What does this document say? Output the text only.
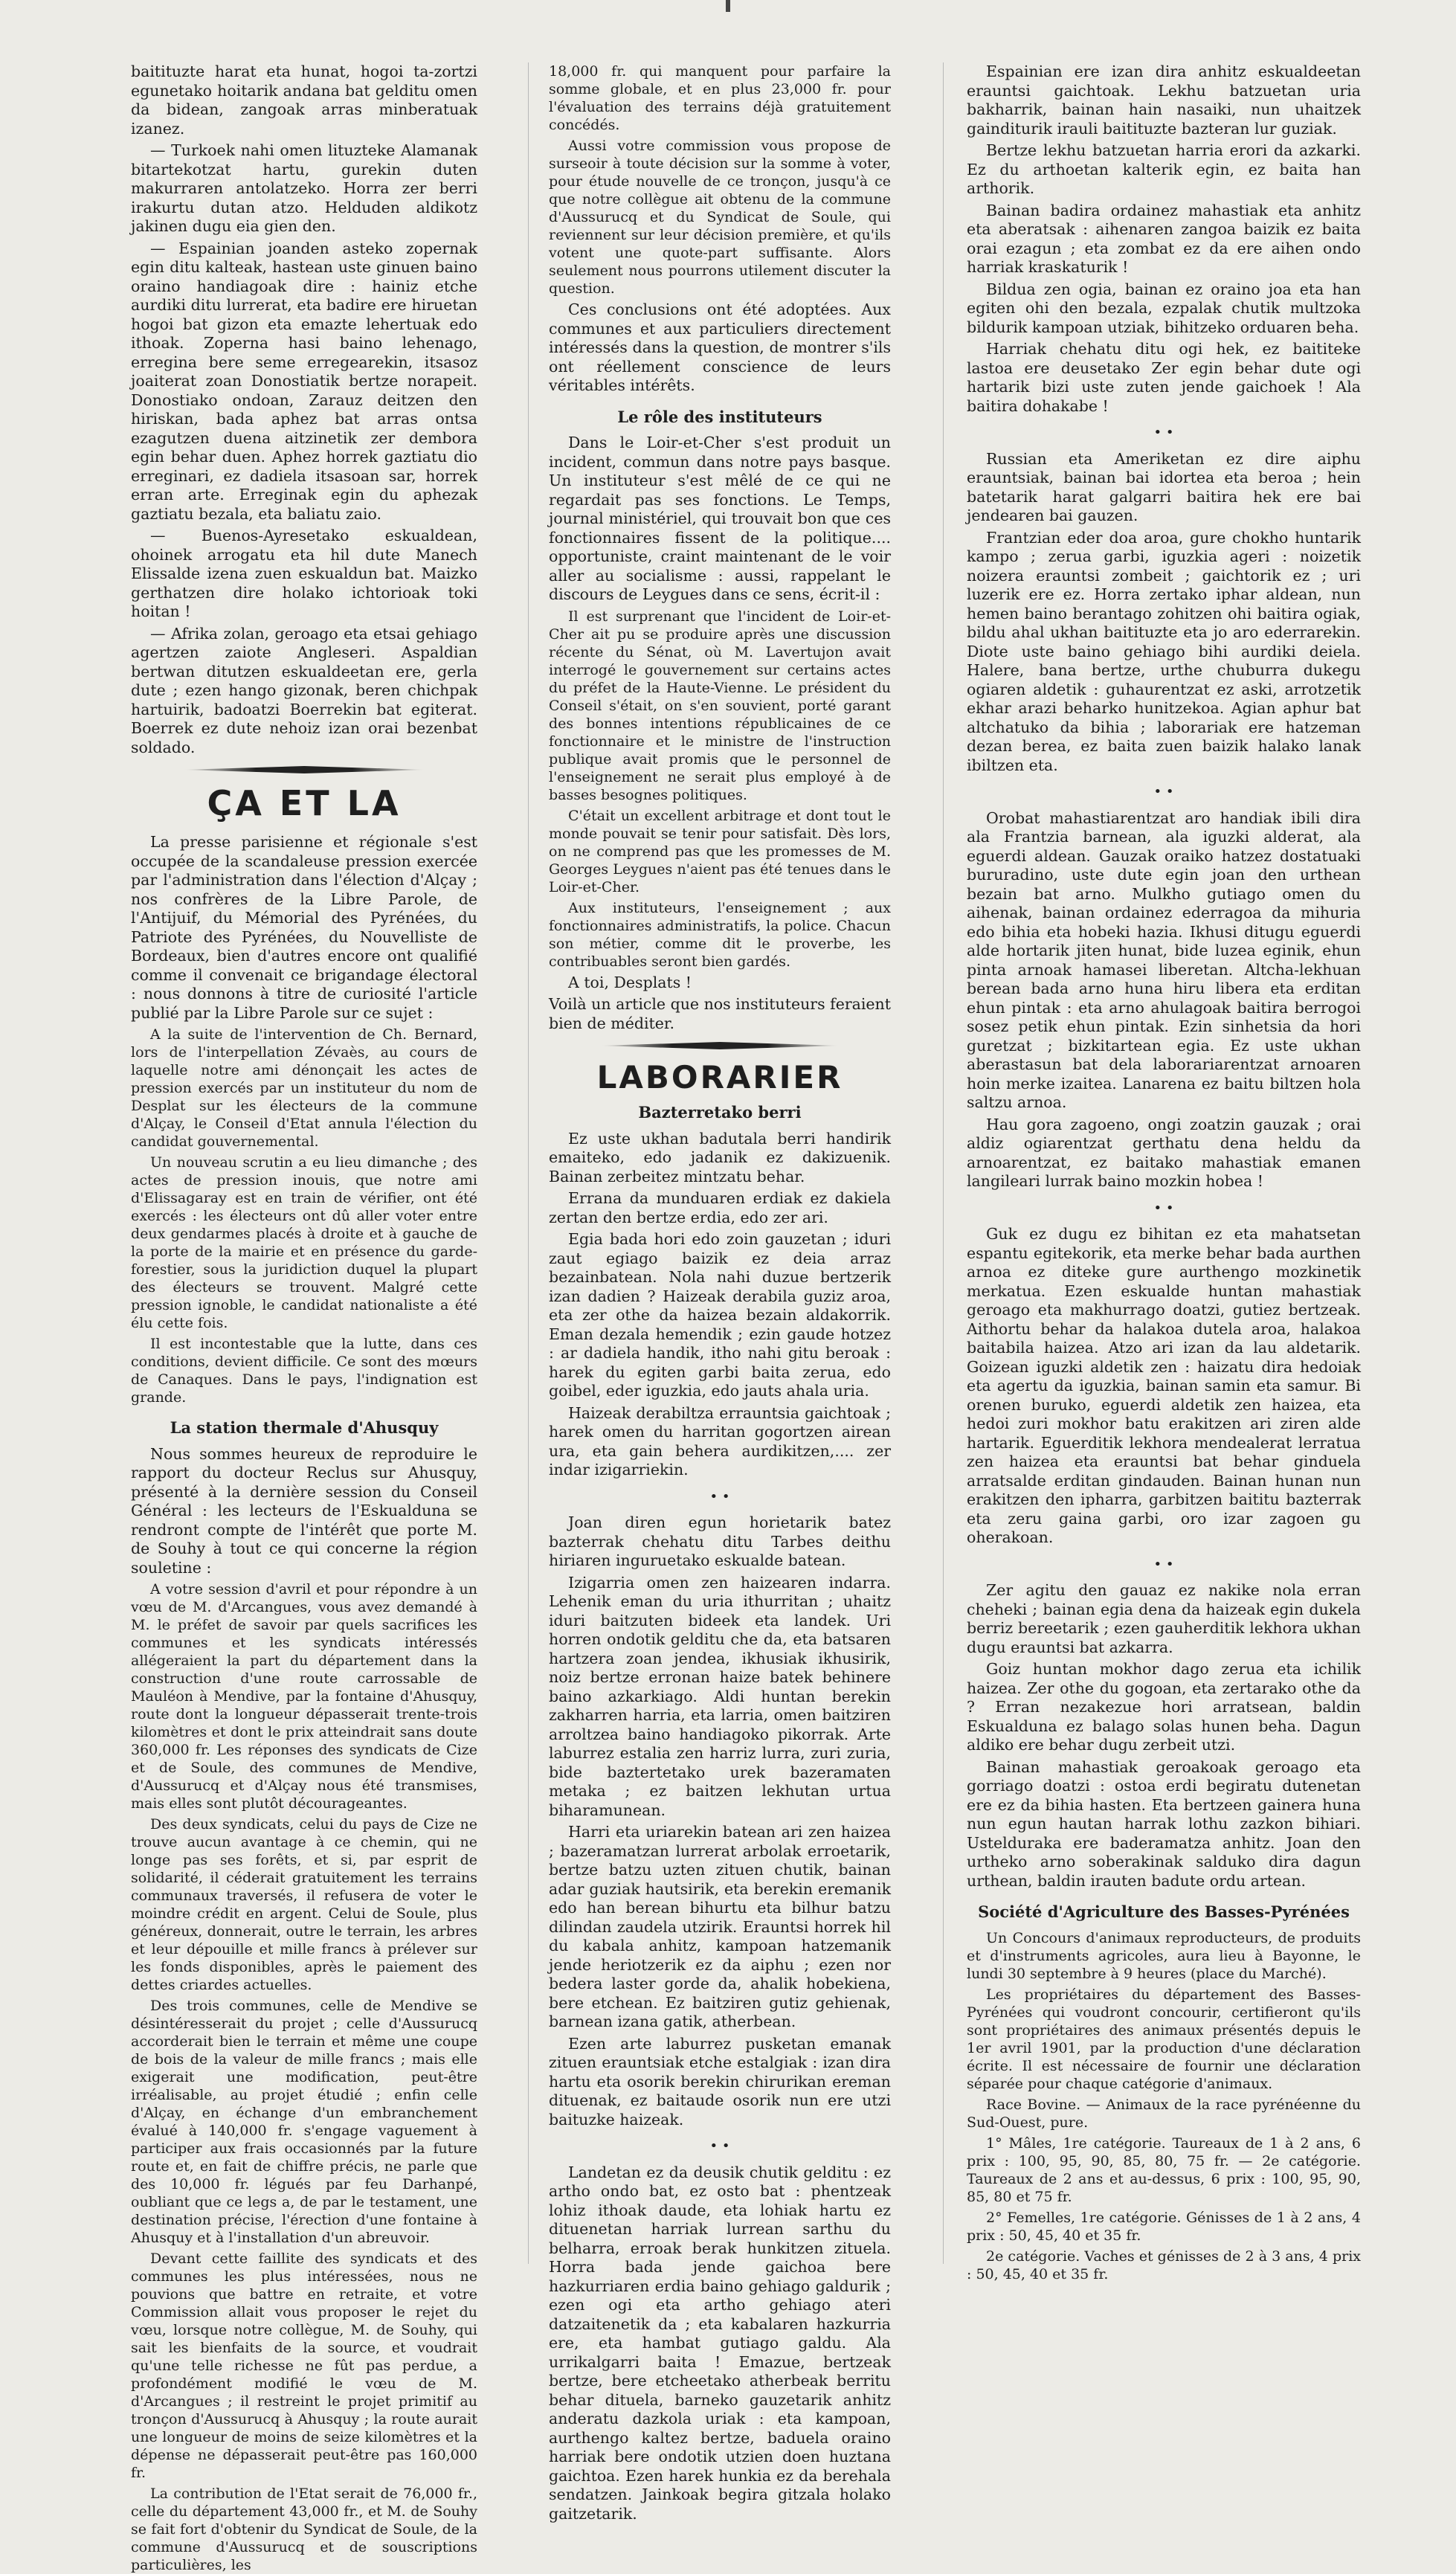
baitituzte harat eta hunat, hogoi ta-zortzi egunetako hoitarik andana bat gelditu omen da bidean, zangoak arras minberatuak izanez.

— Turkoek nahi omen lituzteke Alamanak bitartekotzat hartu, gurekin duten makurraren antolatzeko. Horra zer berri irakurtu dutan atzo. Helduden aldikotz jakinen dugu eia gien den.

— Espainian joanden asteko zopernak egin ditu kalteak, hastean uste ginuen baino oraino handiagoak dire : hainiz etche aurdiki ditu lurrerat, eta badire ere hiruetan hogoi bat gizon eta emazte lehertuak edo ithoak. Zoperna hasi baino lehenago, erregina bere seme erregearekin, itsasoz joaiterat zoan Donostiatik bertze norapeit. Donostiako ondoan, Zarauz deitzen den hiriskan, bada aphez bat arras ontsa ezagutzen duena aitzinetik zer dembora egin behar duen. Aphez horrek gaztiatu dio erreginari, ez dadiela itsasoan sar, horrek erran arte. Erreginak egin du aphezak gaztiatu bezala, eta baliatu zaio.

— Buenos-Ayresetako eskualdean, ohoinek arrogatu eta hil dute Manech Elissalde izena zuen eskualdun bat. Maizko gerthatzen dire holako ichtorioak toki hoitan !

— Afrika zolan, geroago eta etsai gehiago agertzen zaiote Angleseri. Aspaldian bertwan ditutzen eskualdeetan ere, gerla dute ; ezen hango gizonak, beren chichpak hartuirik, badoatzi Boerrekin bat egiterat. Boerrek ez dute nehoiz izan orai bezenbat soldado.

ÇA ET LA

La presse parisienne et régionale s'est occupée de la scandaleuse pression exercée par l'administration dans l'élection d'Alçay ; nos confrères de la Libre Parole, de l'Antijuif, du Mémorial des Pyrénées, du Patriote des Pyrénées, du Nouvelliste de Bordeaux, bien d'autres encore ont qualifié comme il convenait ce brigandage électoral : nous donnons à titre de curiosité l'article publié par la Libre Parole sur ce sujet :

A la suite de l'intervention de Ch. Bernard, lors de l'interpellation Zévaès, au cours de laquelle notre ami dénonçait les actes de pression exercés par un instituteur du nom de Desplat sur les électeurs de la commune d'Alçay, le Conseil d'Etat annula l'élection du candidat gouvernemental.

Un nouveau scrutin a eu lieu dimanche ; des actes de pression inouis, que notre ami d'Elissagaray est en train de vérifier, ont été exercés : les électeurs ont dû aller voter entre deux gendarmes placés à droite et à gauche de la porte de la mairie et en présence du garde-forestier, sous la juridiction duquel la plupart des électeurs se trouvent. Malgré cette pression ignoble, le candidat nationaliste a été élu cette fois.

Il est incontestable que la lutte, dans ces conditions, devient difficile. Ce sont des mœurs de Canaques. Dans le pays, l'indignation est grande.

La station thermale d'Ahusquy

Nous sommes heureux de reproduire le rapport du docteur Reclus sur Ahusquy, présenté à la dernière session du Conseil Général : les lecteurs de l'Eskualduna se rendront compte de l'intérêt que porte M. de Souhy à tout ce qui concerne la région souletine :

A votre session d'avril et pour répondre à un vœu de M. d'Arcangues, vous avez demandé à M. le préfet de savoir par quels sacrifices les communes et les syndicats intéressés allégeraient la part du département dans la construction d'une route carrossable de Mauléon à Mendive, par la fontaine d'Ahusquy, route dont la longueur dépasserait trente-trois kilomètres et dont le prix atteindrait sans doute 360,000 fr. Les réponses des syndicats de Cize et de Soule, des communes de Mendive, d'Aussurucq et d'Alçay nous été transmises, mais elles sont plutôt décourageantes.

Des deux syndicats, celui du pays de Cize ne trouve aucun avantage à ce chemin, qui ne longe pas ses forêts, et si, par esprit de solidarité, il céderait gratuitement les terrains communaux traversés, il refusera de voter le moindre crédit en argent. Celui de Soule, plus généreux, donnerait, outre le terrain, les arbres et leur dépouille et mille francs à prélever sur les fonds disponibles, après le paiement des dettes criardes actuelles.

Des trois communes, celle de Mendive se désintéresserait du projet ; celle d'Aussurucq accorderait bien le terrain et même une coupe de bois de la valeur de mille francs ; mais elle exigerait une modification, peut-être irréalisable, au projet étudié ; enfin celle d'Alçay, en échange d'un embranchement évalué à 140,000 fr. s'engage vaguement à participer aux frais occasionnés par la future route et, en fait de chiffre précis, ne parle que des 10,000 fr. légués par feu Darhanpé, oubliant que ce legs a, de par le testament, une destination précise, l'érection d'une fontaine à Ahusquy et à l'installation d'un abreuvoir.

Devant cette faillite des syndicats et des communes les plus intéressées, nous ne pouvions que battre en retraite, et votre Commission allait vous proposer le rejet du vœu, lorsque notre collègue, M. de Souhy, qui sait les bienfaits de la source, et voudrait qu'une telle richesse ne fût pas perdue, a profondément modifié le vœu de M. d'Arcangues ; il restreint le projet primitif au tronçon d'Aussurucq à Ahusquy ; la route aurait une longueur de moins de seize kilomètres et la dépense ne dépasserait peut-être pas 160,000 fr.

La contribution de l'Etat serait de 76,000 fr., celle du département 43,000 fr., et M. de Souhy se fait fort d'obtenir du Syndicat de Soule, de la commune d'Aussurucq et de souscriptions particulières, les

18,000 fr. qui manquent pour parfaire la somme globale, et en plus 23,000 fr. pour l'évaluation des terrains déjà gratuitement concédés.

Aussi votre commission vous propose de surseoir à toute décision sur la somme à voter, pour étude nouvelle de ce tronçon, jusqu'à ce que notre collègue ait obtenu de la commune d'Aussurucq et du Syndicat de Soule, qui reviennent sur leur décision première, et qu'ils votent une quote-part suffisante. Alors seulement nous pourrons utilement discuter la question.

Ces conclusions ont été adoptées. Aux communes et aux particuliers directement intéressés dans la question, de montrer s'ils ont réellement conscience de leurs véritables intérêts.

Le rôle des instituteurs

Dans le Loir-et-Cher s'est produit un incident, commun dans notre pays basque. Un instituteur s'est mêlé de ce qui ne regardait pas ses fonctions. Le Temps, journal ministériel, qui trouvait bon que ces fonctionnaires fissent de la politique.... opportuniste, craint maintenant de le voir aller au socialisme : aussi, rappelant le discours de Leygues dans ce sens, écrit-il :

Il est surprenant que l'incident de Loir-et-Cher ait pu se produire après une discussion récente du Sénat, où M. Lavertujon avait interrogé le gouvernement sur certains actes du préfet de la Haute-Vienne. Le président du Conseil s'était, on s'en souvient, porté garant des bonnes intentions républicaines de ce fonctionnaire et le ministre de l'instruction publique avait promis que le personnel de l'enseignement ne serait plus employé à de basses besognes politiques.

C'était un excellent arbitrage et dont tout le monde pouvait se tenir pour satisfait. Dès lors, on ne comprend pas que les promesses de M. Georges Leygues n'aient pas été tenues dans le Loir-et-Cher.

Aux instituteurs, l'enseignement ; aux fonctionnaires administratifs, la police. Chacun son métier, comme dit le proverbe, les contribuables seront bien gardés.

A toi, Desplats !

Voilà un article que nos instituteurs feraient bien de méditer.

LABORARIER
Bazterretako berri

Ez uste ukhan badutala berri handirik emaiteko, edo jadanik ez dakizuenik. Bainan zerbeitez mintzatu behar.

Errana da munduaren erdiak ez dakiela zertan den bertze erdia, edo zer ari.

Egia bada hori edo zoin gauzetan ; iduri zaut egiago baizik ez deia arraz bezainbatean. Nola nahi duzue bertzerik izan dadien ? Haizeak derabila guziz aroa, eta zer othe da haizea bezain aldakorrik. Eman dezala hemendik ; ezin gaude hotzez : ar dadiela handik, itho nahi gitu beroak : harek du egiten garbi baita zerua, edo goibel, eder iguzkia, edo jauts ahala uria.

Haizeak derabiltza errauntsia gaichtoak ; harek omen du harritan gogortzen airean ura, eta gain behera aurdikitzen,.... zer indar izigarriekin.

• •

Joan diren egun horietarik batez bazterrak chehatu ditu Tarbes deithu hiriaren inguruetako eskualde batean.

Izigarria omen zen haizearen indarra. Lehenik eman du uria ithurritan ; uhaitz iduri baitzuten bideek eta landek. Uri horren ondotik gelditu che da, eta batsaren hartzera zoan jendea, ikhusiak ikhusirik, noiz bertze erronan haize batek behinere baino azkarkiago. Aldi huntan berekin zakharren harria, eta larria, omen baitziren arroltzea baino handiagoko pikorrak. Arte laburrez estalia zen harriz lurra, zuri zuria, bide baztertetako urek bazeramaten metaka ; ez baitzen lekhutan urtua biharamunean.

Harri eta uriarekin batean ari zen haizea ; bazeramatzan lurrerat arbolak erroetarik, bertze batzu uzten zituen chutik, bainan adar guziak hautsirik, eta berekin eremanik edo han berean bihurtu eta bilhur batzu dilindan zaudela utzirik. Erauntsi horrek hil du kabala anhitz, kampoan hatzemanik jende heriotzerik ez da aiphu ; ezen nor bedera laster gorde da, ahalik hobekiena, bere etchean. Ez baitziren gutiz gehienak, barnean izana gatik, atherbean.

Ezen arte laburrez pusketan emanak zituen erauntsiak etche estalgiak : izan dira hartu eta osorik berekin chirurikan ereman dituenak, ez baitaude osorik nun ere utzi baituzke haizeak.

• •

Landetan ez da deusik chutik gelditu : ez artho ondo bat, ez osto bat : phentzeak lohiz ithoak daude, eta lohiak hartu ez dituenetan harriak lurrean sarthu du belharra, erroak berak hunkitzen zituela. Horra bada jende gaichoa bere hazkurriaren erdia baino gehiago galdurik ; ezen ogi eta artho gehiago ateri datzaitenetik da ; eta kabalaren hazkurria ere, eta hambat gutiago galdu. Ala urrikalgarri baita ! Emazue, bertzeak bertze, bere etcheetako atherbeak berritu behar dituela, barneko gauzetarik anhitz anderatu dazkola uriak : eta kampoan, aurthengo kaltez bertze, baduela oraino harriak bere ondotik utzien doen huztana gaichtoa. Ezen harek hunkia ez da berehala sendatzen. Jainkoak begira gitzala holako gaitzetarik.

Espainian ere izan dira anhitz eskualdeetan erauntsi gaichtoak. Lekhu batzuetan uria bakharrik, bainan hain nasaiki, nun uhaitzek gainditurik irauli baitituzte bazteran lur guziak.

Bertze lekhu batzuetan harria erori da azkarki. Ez du arthoetan kalterik egin, ez baita han arthorik.

Bainan badira ordainez mahastiak eta anhitz eta aberatsak : aihenaren zangoa baizik ez baita orai ezagun ; eta zombat ez da ere aihen ondo harriak kraskaturik !

Bildua zen ogia, bainan ez oraino joa eta han egiten ohi den bezala, ezpalak chutik multzoka bildurik kampoan utziak, bihitzeko orduaren beha.

Harriak chehatu ditu ogi hek, ez baititeke lastoa ere deusetako Zer egin behar dute ogi hartarik bizi uste zuten jende gaichoek ! Ala baitira dohakabe !

• •

Russian eta Ameriketan ez dire aiphu erauntsiak, bainan bai idortea eta beroa ; hein batetarik harat galgarri baitira hek ere bai jendearen bai gauzen.

Frantzian eder doa aroa, gure chokho huntarik kampo ; zerua garbi, iguzkia ageri : noizetik noizera erauntsi zombeit ; gaichtorik ez ; uri luzerik ere ez. Horra zertako iphar aldean, nun hemen baino berantago zohitzen ohi baitira ogiak, bildu ahal ukhan baitituzte eta jo aro ederrarekin. Diote uste baino gehiago bihi aurdiki deiela. Halere, bana bertze, urthe chuburra dukegu ogiaren aldetik : guhaurentzat ez aski, arrotzetik ekhar arazi beharko hunitzekoa. Agian aphur bat altchatuko da bihia ; laborariak ere hatzeman dezan berea, ez baita zuen baizik halako lanak ibiltzen eta.

• •

Orobat mahastiarentzat aro handiak ibili dira ala Frantzia barnean, ala iguzki alderat, ala eguerdi aldean. Gauzak oraiko hatzez dostatuaki bururadino, uste dute egin joan den urthean bezain bat arno. Mulkho gutiago omen du aihenak, bainan ordainez ederragoa da mihuria edo bihia eta hobeki hazia. Ikhusi ditugu eguerdi alde hortarik jiten hunat, bide luzea eginik, ehun pinta arnoak hamasei liberetan. Altcha-lekhuan berean bada arno huna hiru libera eta erditan ehun pintak : eta arno ahulagoak baitira berrogoi sosez petik ehun pintak. Ezin sinhetsia da hori guretzat ; bizkitartean egia. Ez uste ukhan aberastasun bat dela laborariarentzat arnoaren hoin merke izaitea. Lanarena ez baitu biltzen hola saltzu arnoa.

Hau gora zagoeno, ongi zoatzin gauzak ; orai aldiz ogiarentzat gerthatu dena heldu da arnoarentzat, ez baitako mahastiak emanen langileari lurrak baino mozkin hobea !

• •

Guk ez dugu ez bihitan ez eta mahatsetan espantu egitekorik, eta merke behar bada aurthen arnoa ez diteke gure aurthengo mozkinetik merkatua. Ezen eskualde huntan mahastiak geroago eta makhurrago doatzi, gutiez bertzeak. Aithortu behar da halakoa dutela aroa, halakoa baitabila haizea. Atzo ari izan da lau aldetarik. Goizean iguzki aldetik zen : haizatu dira hedoiak eta agertu da iguzkia, bainan samin eta samur. Bi orenen buruko, eguerdi aldetik zen haizea, eta hedoi zuri mokhor batu erakitzen ari ziren alde hartarik. Eguerditik lekhora mendealerat lerratua zen haizea eta erauntsi bat behar ginduela arratsalde erditan gindauden. Bainan hunan nun erakitzen den ipharra, garbitzen baititu bazterrak eta zeru gaina garbi, oro izar zagoen gu oherakoan.

• •

Zer agitu den gauaz ez nakike nola erran cheheki ; bainan egia dena da haizeak egin dukela berriz bereetarik ; ezen gauherditik lekhora ukhan dugu erauntsi bat azkarra.

Goiz huntan mokhor dago zerua eta ichilik haizea. Zer othe du gogoan, eta zertarako othe da ? Erran nezakezue hori arratsean, baldin Eskualduna ez balago solas hunen beha. Dagun aldiko ere behar dugu zerbeit utzi.

Bainan mahastiak geroakoak geroago eta gorriago doatzi : ostoa erdi begiratu dutenetan ere ez da bihia hasten. Eta bertzeen gainera huna nun egun hautan harrak lothu zazkon bihiari. Ustelduraka ere baderamatza anhitz. Joan den urtheko arno soberakinak salduko dira dagun urthean, baldin irauten badute ordu artean.

Société d'Agriculture des Basses-Pyrénées

Un Concours d'animaux reproducteurs, de produits et d'instruments agricoles, aura lieu à Bayonne, le lundi 30 septembre à 9 heures (place du Marché).

Les propriétaires du département des Basses-Pyrénées qui voudront concourir, certifieront qu'ils sont propriétaires des animaux présentés depuis le 1er avril 1901, par la production d'une déclaration écrite. Il est nécessaire de fournir une déclaration séparée pour chaque catégorie d'animaux.

Race Bovine. — Animaux de la race pyrénéenne du Sud-Ouest, pure.

1° Mâles, 1re catégorie. Taureaux de 1 à 2 ans, 6 prix : 100, 95, 90, 85, 80, 75 fr. — 2e catégorie. Taureaux de 2 ans et au-dessus, 6 prix : 100, 95, 90, 85, 80 et 75 fr.

2° Femelles, 1re catégorie. Génisses de 1 à 2 ans, 4 prix : 50, 45, 40 et 35 fr.

2e catégorie. Vaches et génisses de 2 à 3 ans, 4 prix : 50, 45, 40 et 35 fr.
